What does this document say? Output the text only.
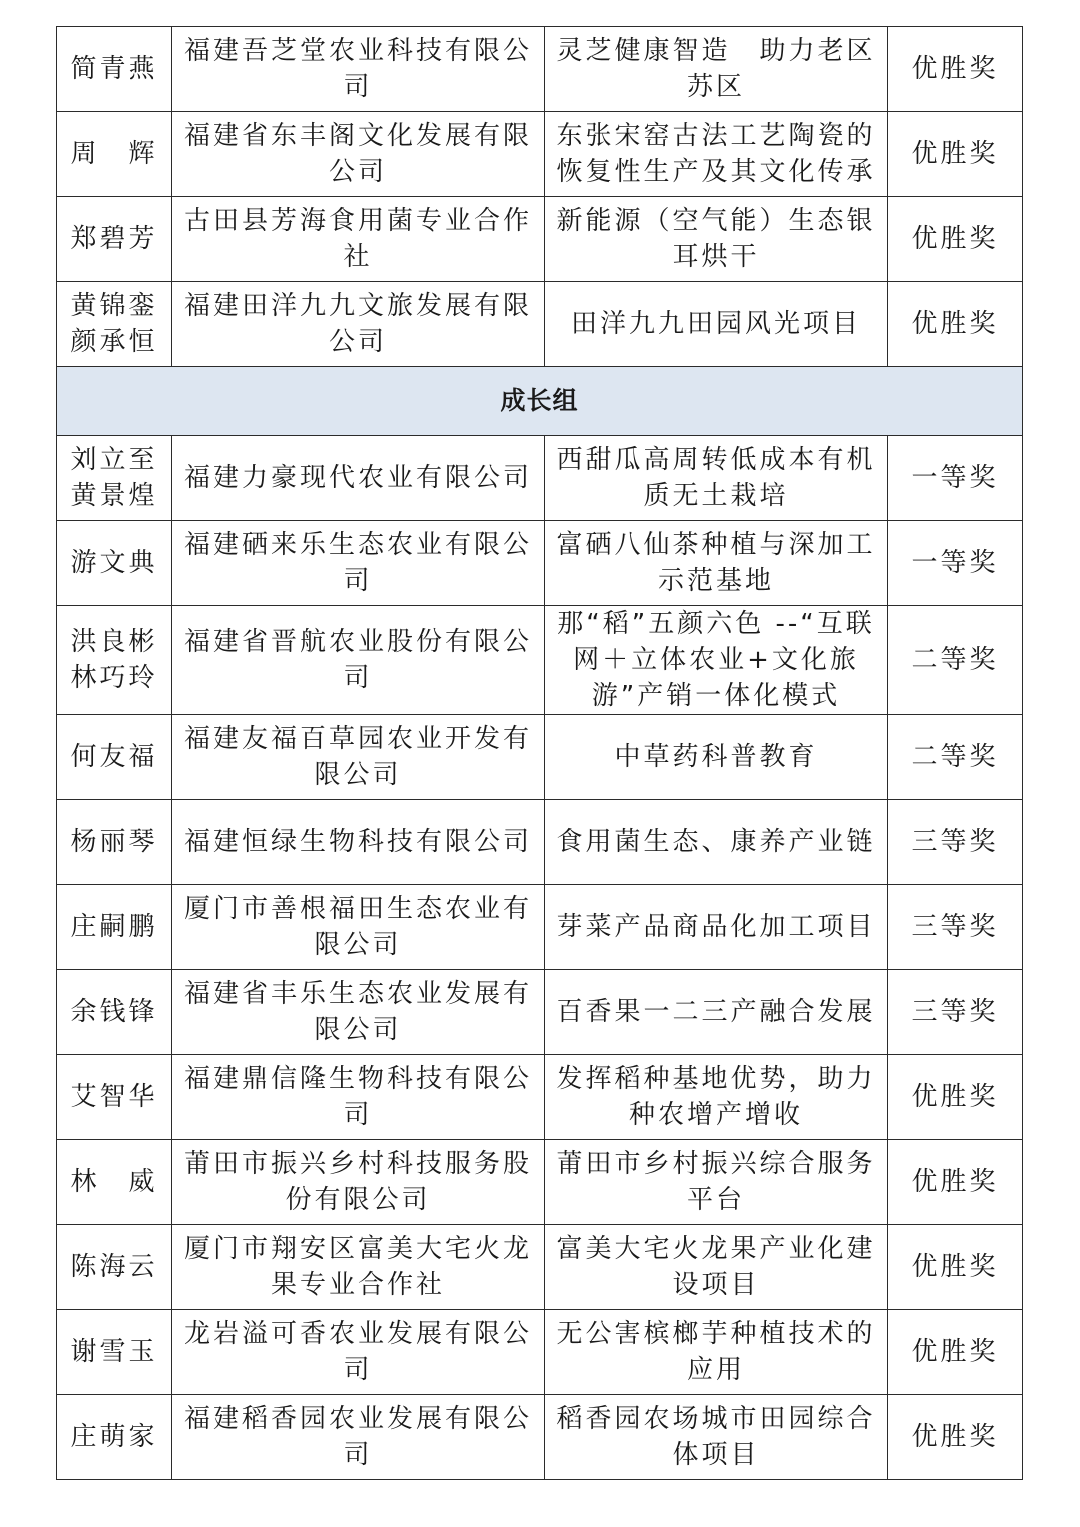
简青燕	福建吾芝堂农业科技有限公司	灵芝健康智造　助力老区苏区	优胜奖
周　辉	福建省东丰阁文化发展有限公司	东张宋窑古法工艺陶瓷的恢复性生产及其文化传承	优胜奖
郑碧芳	古田县芳海食用菌专业合作社	新能源（空气能）生态银耳烘干	优胜奖
黄锦銮颜承恒	福建田洋九九文旅发展有限公司	田洋九九田园风光项目	优胜奖
成长组			
刘立至黄景煌	福建力豪现代农业有限公司	西甜瓜高周转低成本有机质无土栽培	一等奖
游文典	福建硒来乐生态农业有限公司	富硒八仙茶种植与深加工示范基地	一等奖
洪良彬林巧玲	福建省晋航农业股份有限公司	那“稻”五颜六色 --“互联网＋立体农业+文化旅游”产销一体化模式	二等奖
何友福	福建友福百草园农业开发有限公司	中草药科普教育	二等奖
杨丽琴	福建恒绿生物科技有限公司	食用菌生态、康养产业链	三等奖
庄嗣鹏	厦门市善根福田生态农业有限公司	芽菜产品商品化加工项目	三等奖
余钱锋	福建省丰乐生态农业发展有限公司	百香果一二三产融合发展	三等奖
艾智华	福建鼎信隆生物科技有限公司	发挥稻种基地优势，助力种农增产增收	优胜奖
林　威	莆田市振兴乡村科技服务股份有限公司	莆田市乡村振兴综合服务平台	优胜奖
陈海云	厦门市翔安区富美大宅火龙果专业合作社	富美大宅火龙果产业化建设项目	优胜奖
谢雪玉	龙岩溢可香农业发展有限公司	无公害槟榔芋种植技术的应用	优胜奖
庄萌家	福建稻香园农业发展有限公司	稻香园农场城市田园综合体项目	优胜奖
